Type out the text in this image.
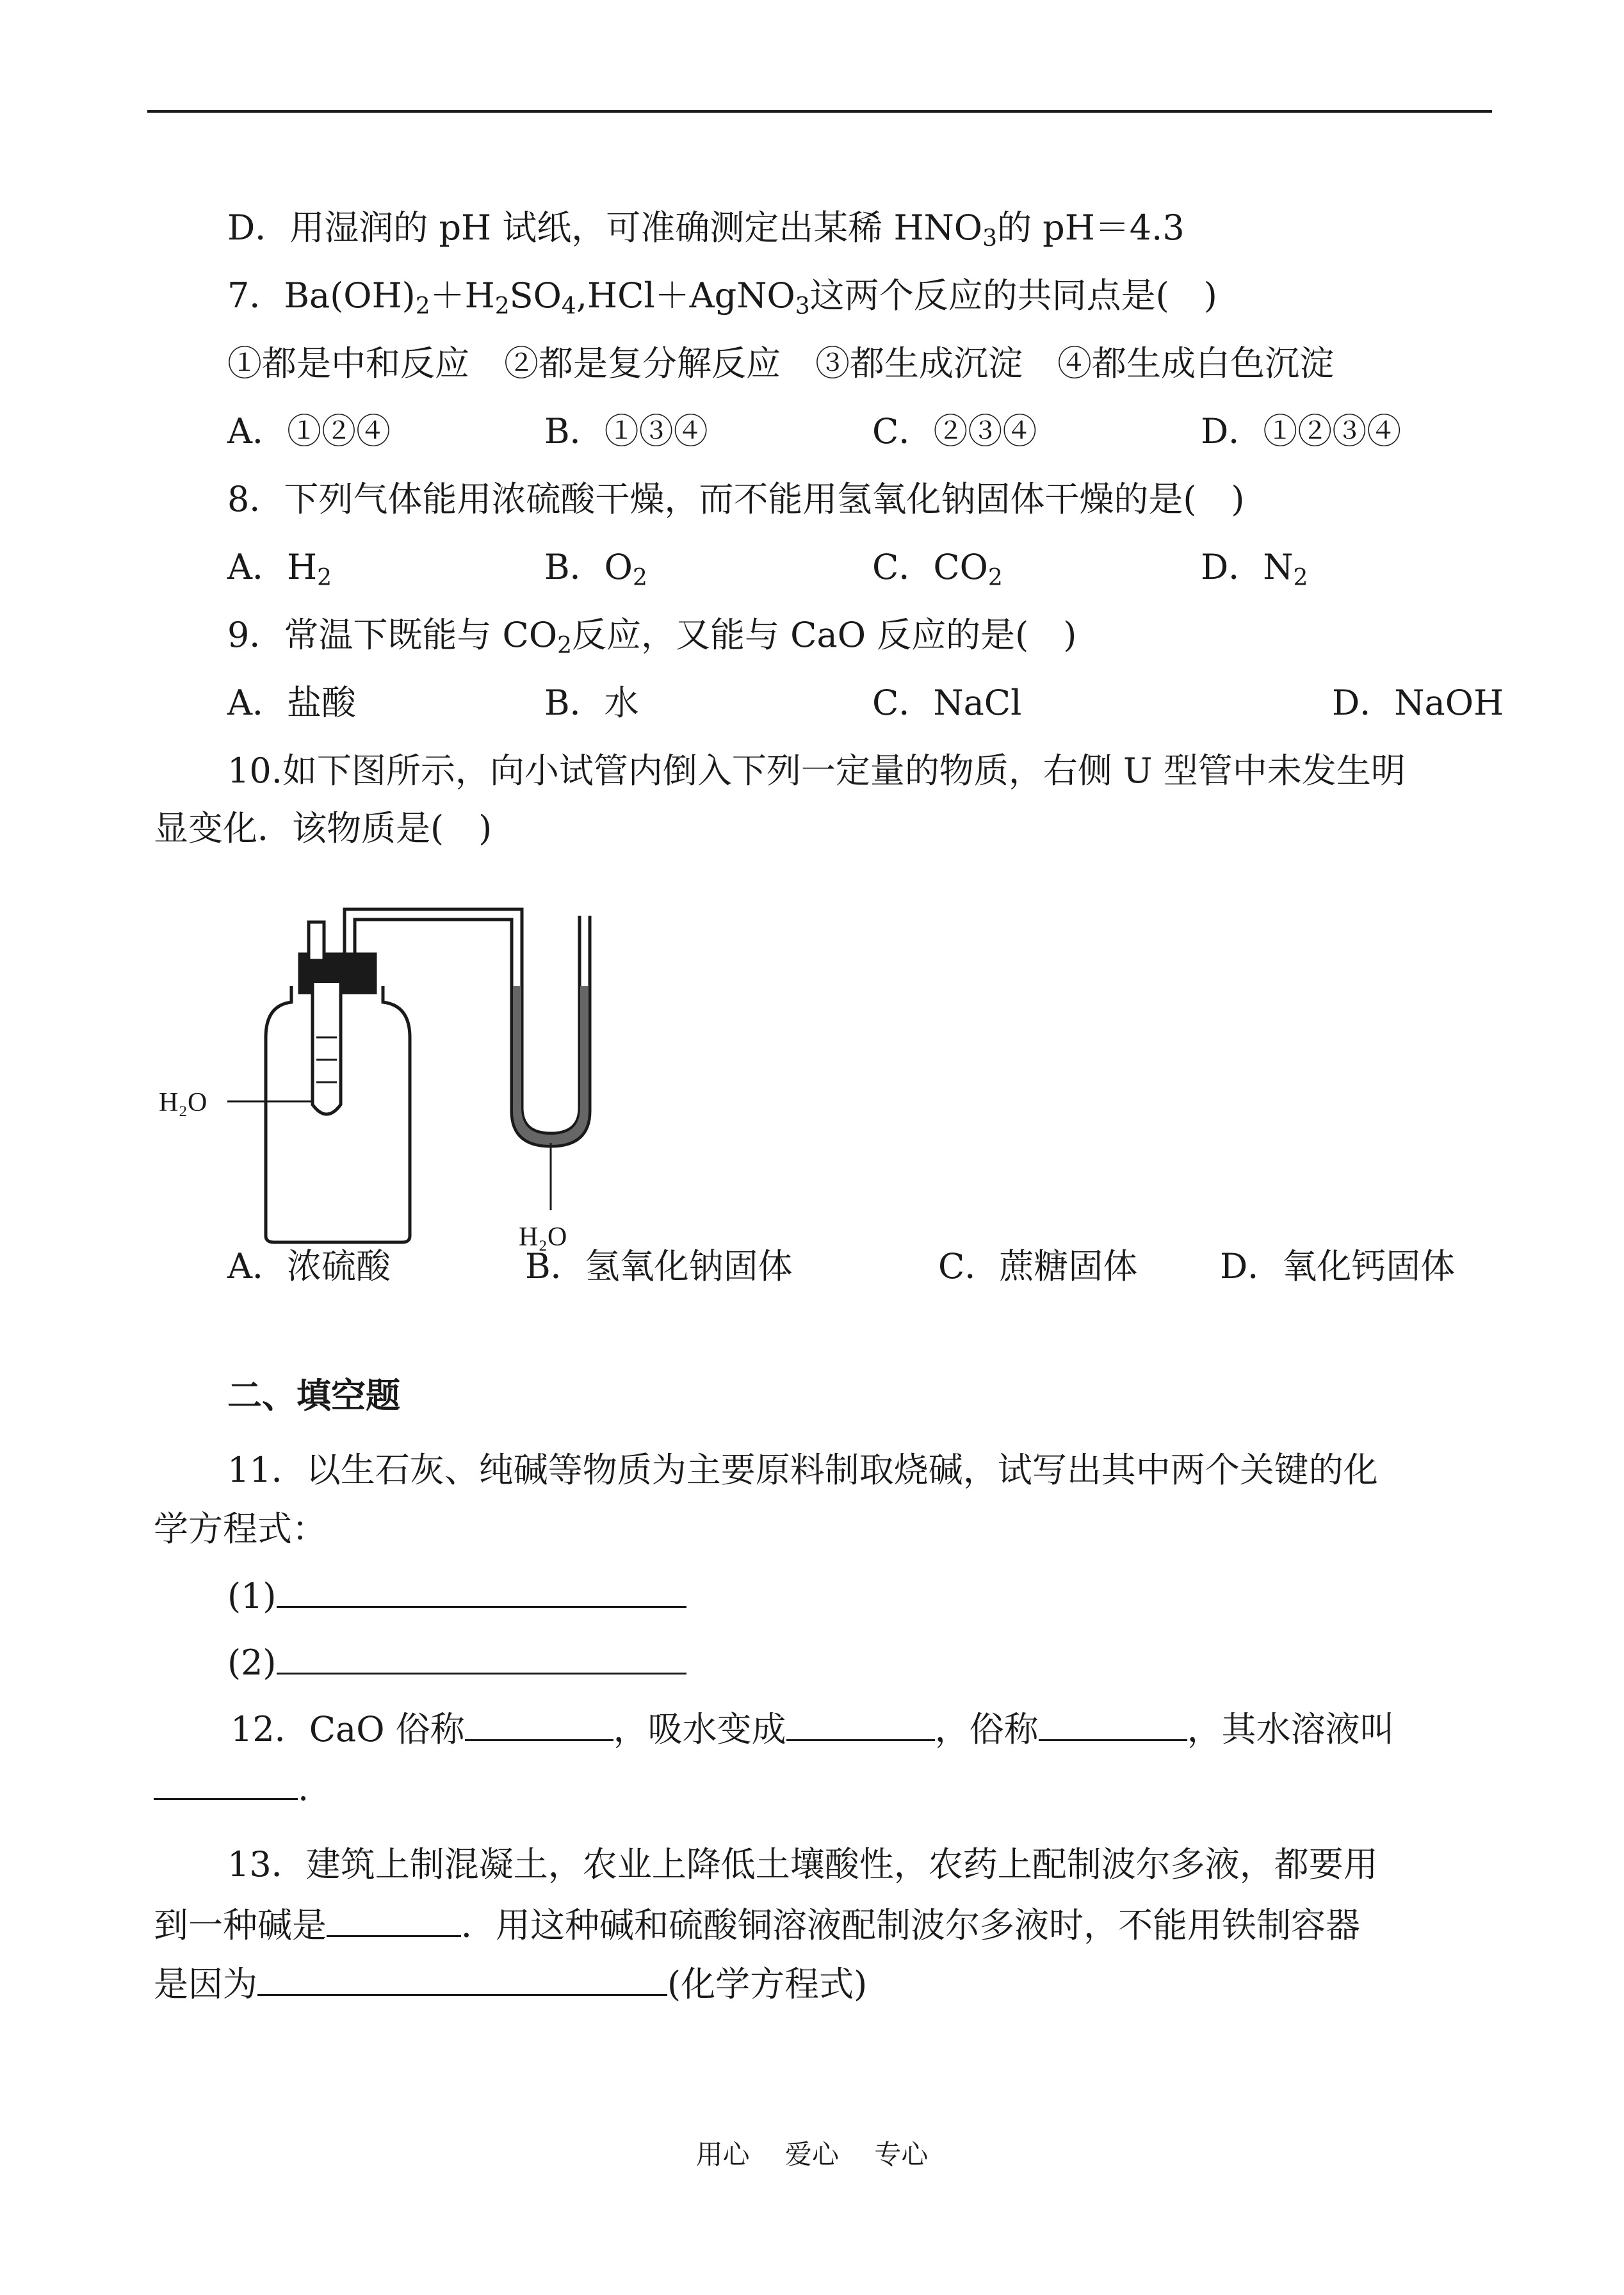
D．用湿润的 pH 试纸，可准确测定出某稀 $HNO_3$的 pH＝4.3
7．$Ba(OH)_2+H_2SO_4,HCl+AgNO_3$这两个反应的共同点是(　)
①都是中和反应　②都是复分解反应　③都生成沉淀　④都生成白色沉淀
A．①②④	B．①③④	C．②③④	D．①②③④
8．下列气体能用浓硫酸干燥，而不能用氢氧化钠固体干燥的是(　)
A．$H_2$	B．$O_2$	C．$CO_2$	D．$N_2$
9．常温下既能与 $CO_2$反应，又能与 CaO 反应的是(　)
A．盐酸	B．水	C．NaCl	D．NaOH
10.如下图所示，向小试管内倒入下列一定量的物质，右侧 U 型管中未发生明
显变化．该物质是(　)
H₂O
H₂O
A．浓硫酸	B．氢氧化钠固体	C．蔗糖固体 D．氧化钙固体
二、填空题
11．以生石灰、纯碱等物质为主要原料制取烧碱，试写出其中两个关键的化
学方程式：
(1)
(2)
12．CaO 俗称	，吸水变成	，俗称	，其水溶液叫
.
13．建筑上制混凝土，农业上降低土壤酸性，农药上配制波尔多液，都要用
到一种碱是	．用这种碱和硫酸铜溶液配制波尔多液时，不能用铁制容器
是因为	(化学方程式)
用心　 爱心　 专心
